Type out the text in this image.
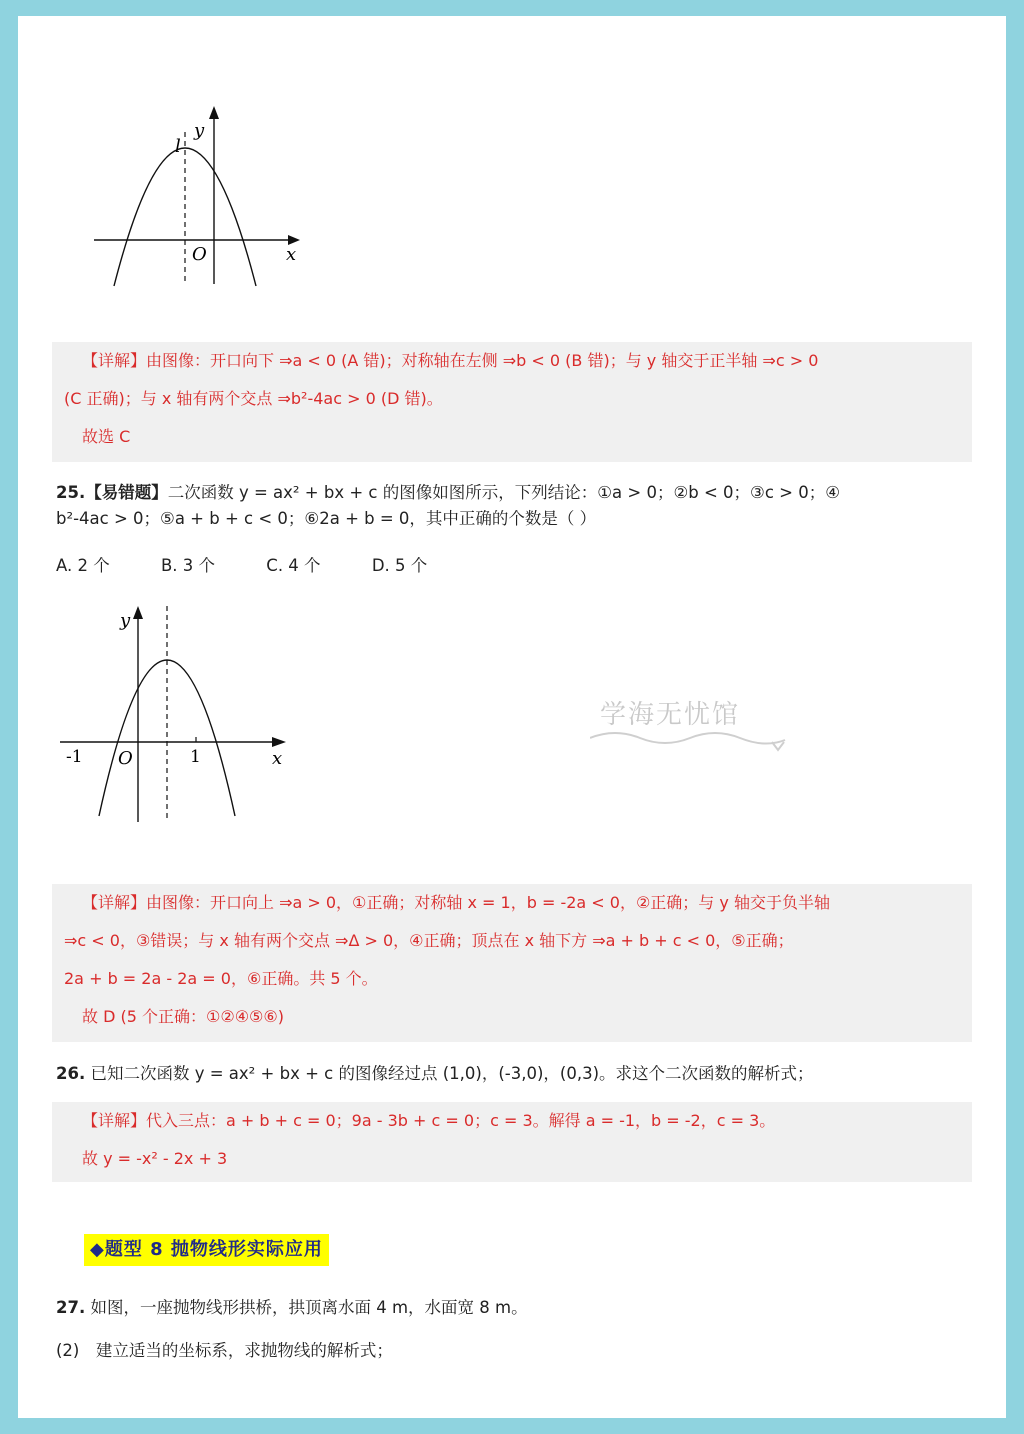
l
y
O	x
【详解】由图像：开口向下 ⇒a < 0 (A 错)；对称轴在左侧 ⇒b < 0 (B 错)；与 y 轴交于正半轴 ⇒c > 0
(C 正确)；与 x 轴有两个交点 ⇒b²-4ac > 0 (D 错)。
故选 C
25.【易错题】二次函数 y = ax² + bx + c 的图像如图所示，下列结论：①a > 0；②b < 0；③c > 0；④
b²-4ac > 0；⑤a + b + c < 0；⑥2a + b = 0，其中正确的个数是（ ）
A. 2 个	B. 3 个	C. 4 个	D. 5 个
y
-1 O	1	x
学海无忧馆
【详解】由图像：开口向上 ⇒a > 0，①正确；对称轴 x = 1，b = -2a < 0，②正确；与 y 轴交于负半轴
⇒c < 0，③错误；与 x 轴有两个交点 ⇒Δ > 0，④正确；顶点在 x 轴下方 ⇒a + b + c < 0，⑤正确；
2a + b = 2a - 2a = 0，⑥正确。共 5 个。
故 D (5 个正确：①②④⑤⑥)
26. 已知二次函数 y = ax² + bx + c 的图像经过点 (1,0)，(-3,0)，(0,3)。求这个二次函数的解析式；
【详解】代入三点：a + b + c = 0；9a - 3b + c = 0；c = 3。解得 a = -1，b = -2，c = 3。
故 y = -x² - 2x + 3
◆题型 8 抛物线形实际应用
27. 如图，一座抛物线形拱桥，拱顶离水面 4 m，水面宽 8 m。
(2)　建立适当的坐标系，求抛物线的解析式；
